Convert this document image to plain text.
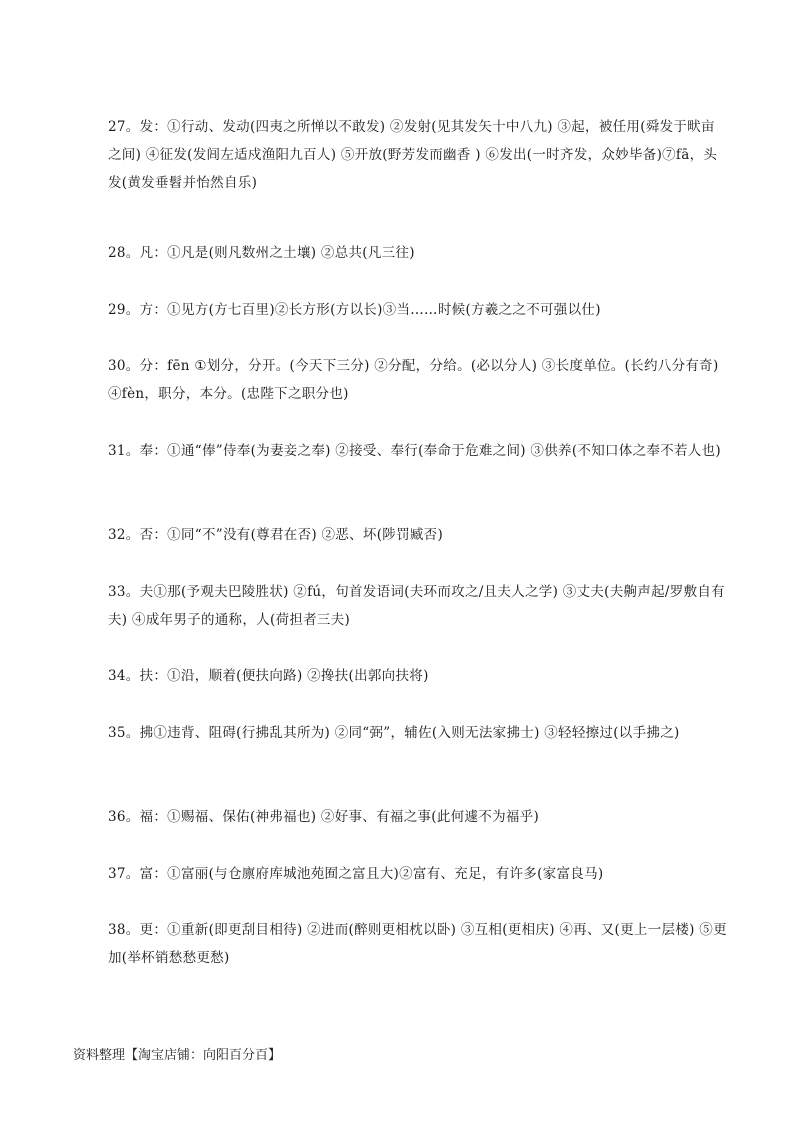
27。发：①行动、发动(四夷之所惮以不敢发) ②发射(见其发矢十中八九) ③起，被任用(舜发于畎亩之间) ④征发(发闾左适戍渔阳九百人) ⑤开放(野芳发而幽香 ) ⑥发出(一时齐发，众妙毕备)⑦fā，头发(黄发垂髫并怡然自乐)

28。凡：①凡是(则凡数州之土壤) ②总共(凡三往)

29。方：①见方(方七百里)②长方形(方以长)③当……时候(方羲之之不可强以仕)

30。分：fēn ①划分，分开。(今天下三分) ②分配，分给。(必以分人) ③长度单位。(长约八分有奇) ④fèn，职分，本分。(忠陛下之职分也)

31。奉：①通“俸”侍奉(为妻妾之奉) ②接受、奉行(奉命于危难之间) ③供养(不知口体之奉不若人也)

32。否：①同“不”没有(尊君在否) ②恶、坏(陟罚臧否)

33。夫①那(予观夫巴陵胜状) ②fú，句首发语词(夫环而攻之/且夫人之学) ③丈夫(夫齁声起/罗敷自有夫) ④成年男子的通称，人(荷担者三夫)

34。扶：①沿，顺着(便扶向路) ②搀扶(出郭向扶将)

35。拂①违背、阻碍(行拂乱其所为) ②同“弼”，辅佐(入则无法家拂士) ③轻轻擦过(以手拂之)

36。福：①赐福、保佑(神弗福也) ②好事、有福之事(此何遽不为福乎)

37。富：①富丽(与仓廪府库城池苑囿之富且大)②富有、充足，有许多(家富良马)

38。更：①重新(即更刮目相待) ②进而(醉则更相枕以卧) ③互相(更相庆) ④再、又(更上一层楼) ⑤更加(举杯销愁愁更愁)

资料整理【淘宝店铺：向阳百分百】
